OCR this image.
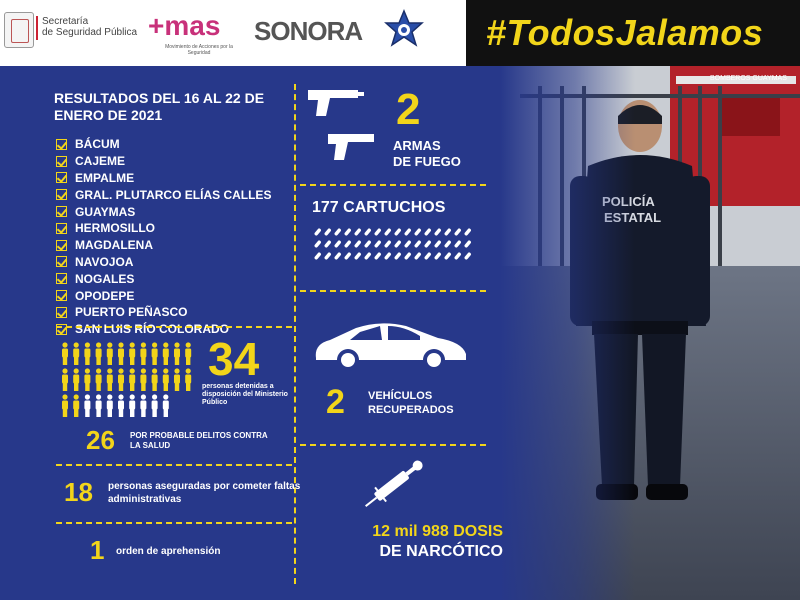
Secretaría
de Seguridad Pública +mas
Movimiento de Acciones por la Seguridad
SONORA	#TodosJalamos
RESULTADOS DEL 16 AL 22 DE ENERO DE 2021
BÁCUM
CAJEME
EMPALME
GRAL. PLUTARCO ELÍAS CALLES
GUAYMAS
HERMOSILLO
MAGDALENA
NAVOJOA
NOGALES
OPODEPE
PUERTO PEÑASCO
SAN LUIS RÍO COLORADO
34
personas detenidas a disposición del Ministerio Público
26 POR PROBABLE DELITOS CONTRA LA SALUD
18 personas aseguradas por cometer faltas administrativas
1 orden de aprehensión
2
ARMAS
DE FUEGO
177 CARTUCHOS
2 VEHÍCULOS
RECUPERADOS
12 mil 988 DOSIS
DE NARCÓTICO
